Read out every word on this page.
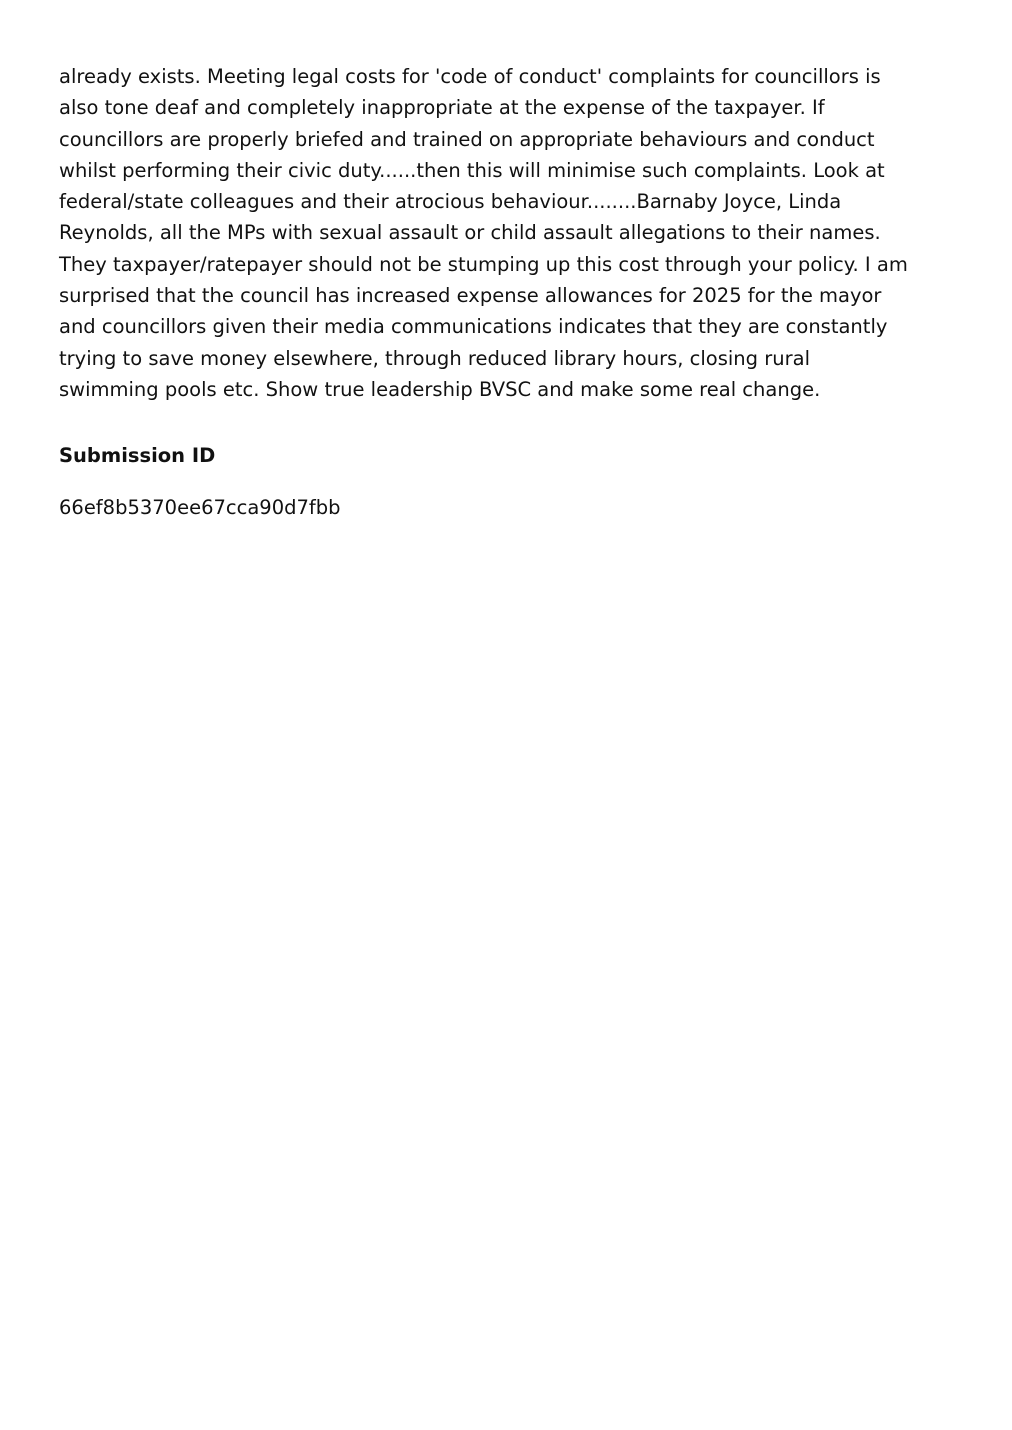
already exists. Meeting legal costs for 'code of conduct' complaints for councillors is
also tone deaf and completely inappropriate at the expense of the taxpayer. If
councillors are properly briefed and trained on appropriate behaviours and conduct
whilst performing their civic duty......then this will minimise such complaints. Look at
federal/state colleagues and their atrocious behaviour........Barnaby Joyce, Linda
Reynolds, all the MPs with sexual assault or child assault allegations to their names.
They taxpayer/ratepayer should not be stumping up this cost through your policy. I am
surprised that the council has increased expense allowances for 2025 for the mayor
and councillors given their media communications indicates that they are constantly
trying to save money elsewhere, through reduced library hours, closing rural
swimming pools etc. Show true leadership BVSC and make some real change.

Submission ID

66ef8b5370ee67cca90d7fbb
